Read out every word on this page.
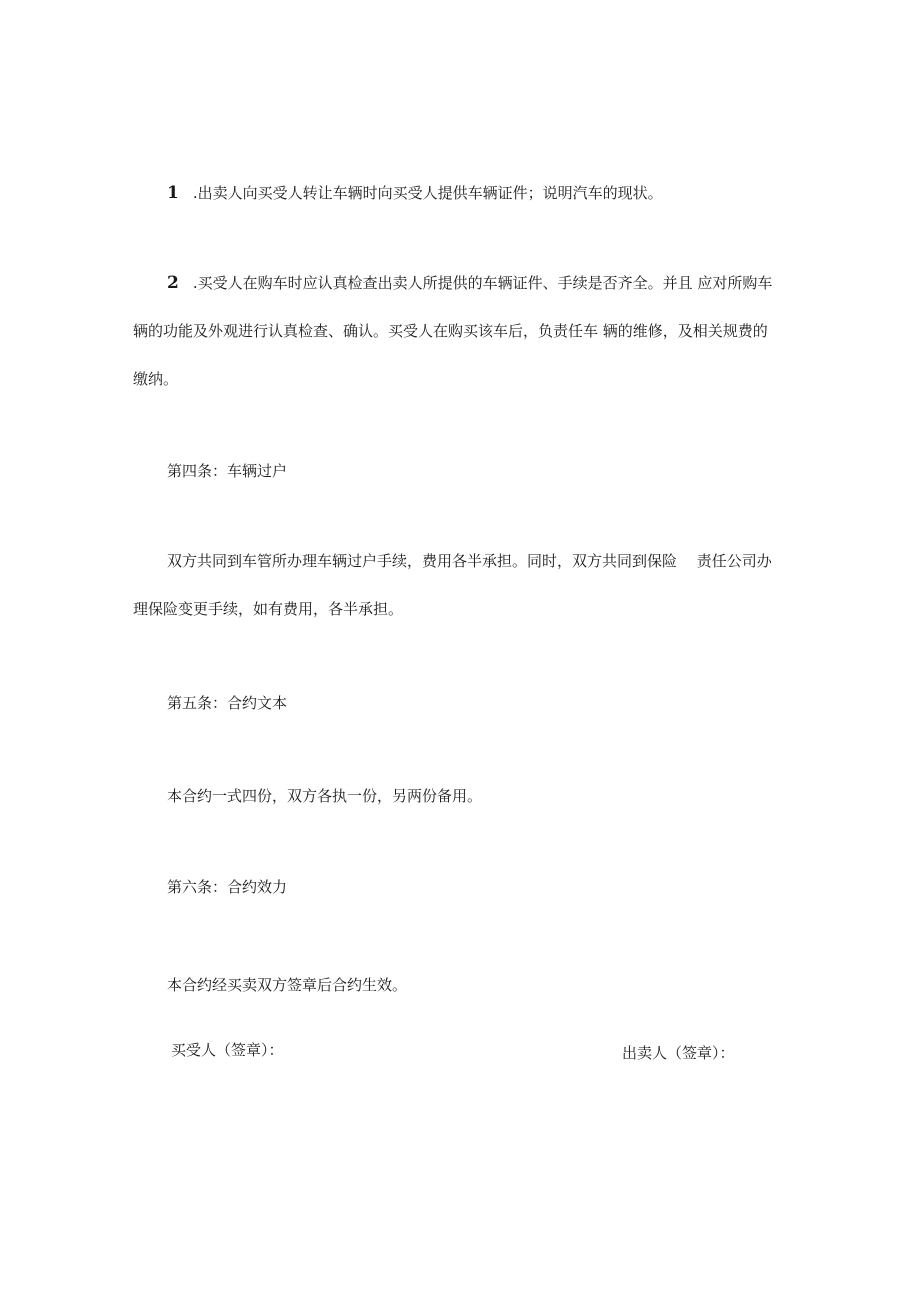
1 .出卖人向买受人转让车辆时向买受人提供车辆证件；说明汽车的现状。
2 .买受人在购车时应认真检查出卖人所提供的车辆证件、手续是否齐全。并且 应对所购车
辆的功能及外观进行认真检查、确认。买受人在购买该车后，负责任车 辆的维修，及相关规费的
缴纳。
第四条：车辆过户
双方共同到车管所办理车辆过户手续，费用各半承担。同时，双方共同到保险 　责任公司办
理保险变更手续，如有费用，各半承担。
第五条：合约文本
本合约一式四份，双方各执一份，另两份备用。
第六条：合约效力
本合约经买卖双方签章后合约生效。
买受人（签章）：	出卖人（签章）：
